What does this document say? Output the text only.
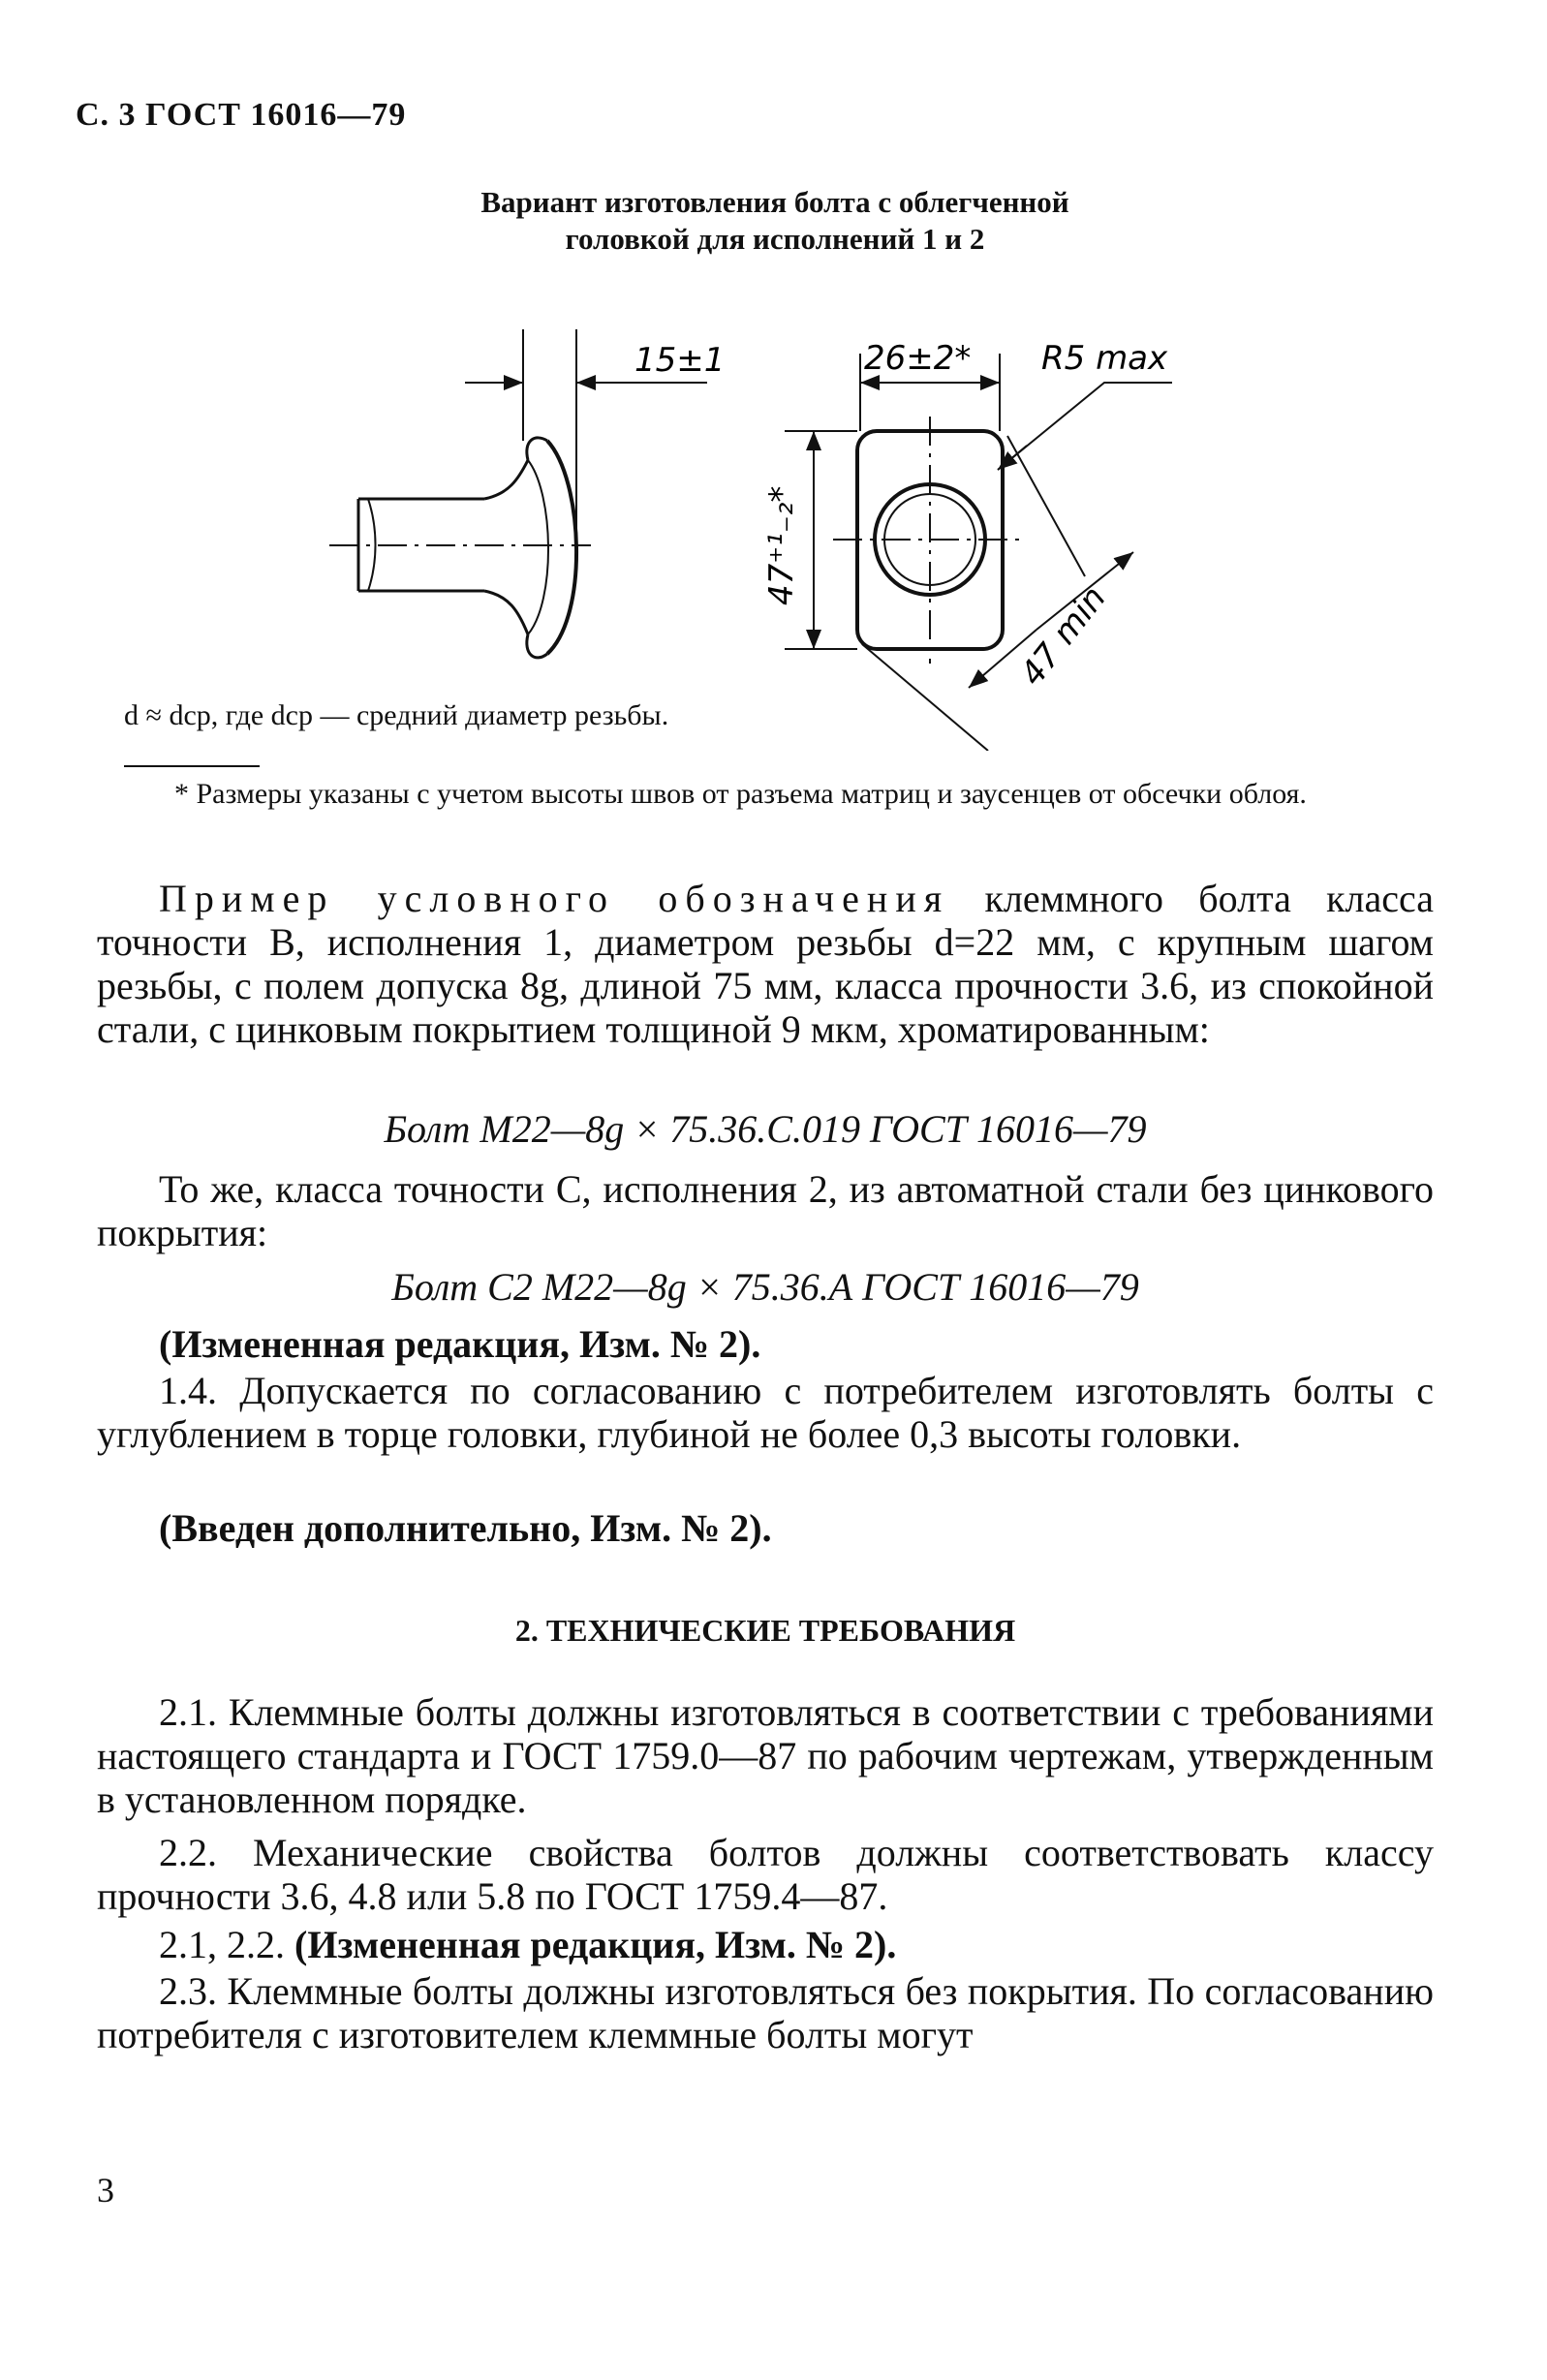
С. 3 ГОСТ 16016—79
Вариант изготовления болта с облегченной
головкой для исполнений 1 и 2
15±1	26±2* R5 max
47⁺¹₋₂*
47 min
d ≈ dср, где dср — средний диаметр резьбы.
* Размеры указаны с учетом высоты швов от разъема матриц и заусенцев от обсечки облоя.
Пример условного обозначения клеммного болта класса точности В, исполнения 1, диаметром резьбы d=22 мм, с крупным шагом резьбы, с полем допуска 8g, длиной 75 мм, класса прочности 3.6, из спокойной стали, с цинковым покрытием толщиной 9 мкм, хроматированным:
Болт М22—8g × 75.36.С.019 ГОСТ 16016—79
То же, класса точности С, исполнения 2, из автоматной стали без цинкового покрытия:
Болт С2 М22—8g × 75.36.А ГОСТ 16016—79
(Измененная редакция, Изм. № 2).
1.4. Допускается по согласованию с потребителем изготовлять болты с углублением в торце головки, глубиной не более 0,3 высоты головки.
(Введен дополнительно, Изм. № 2).
2. ТЕХНИЧЕСКИЕ ТРЕБОВАНИЯ
2.1. Клеммные болты должны изготовляться в соответствии с требованиями настоящего стандарта и ГОСТ 1759.0—87 по рабочим чертежам, утвержденным в установленном порядке.
2.2. Механические свойства болтов должны соответствовать классу прочности 3.6, 4.8 или 5.8 по ГОСТ 1759.4—87.
2.1, 2.2. (Измененная редакция, Изм. № 2).
2.3. Клеммные болты должны изготовляться без покрытия. По согласованию потребителя с изготовителем клеммные болты могут
3
